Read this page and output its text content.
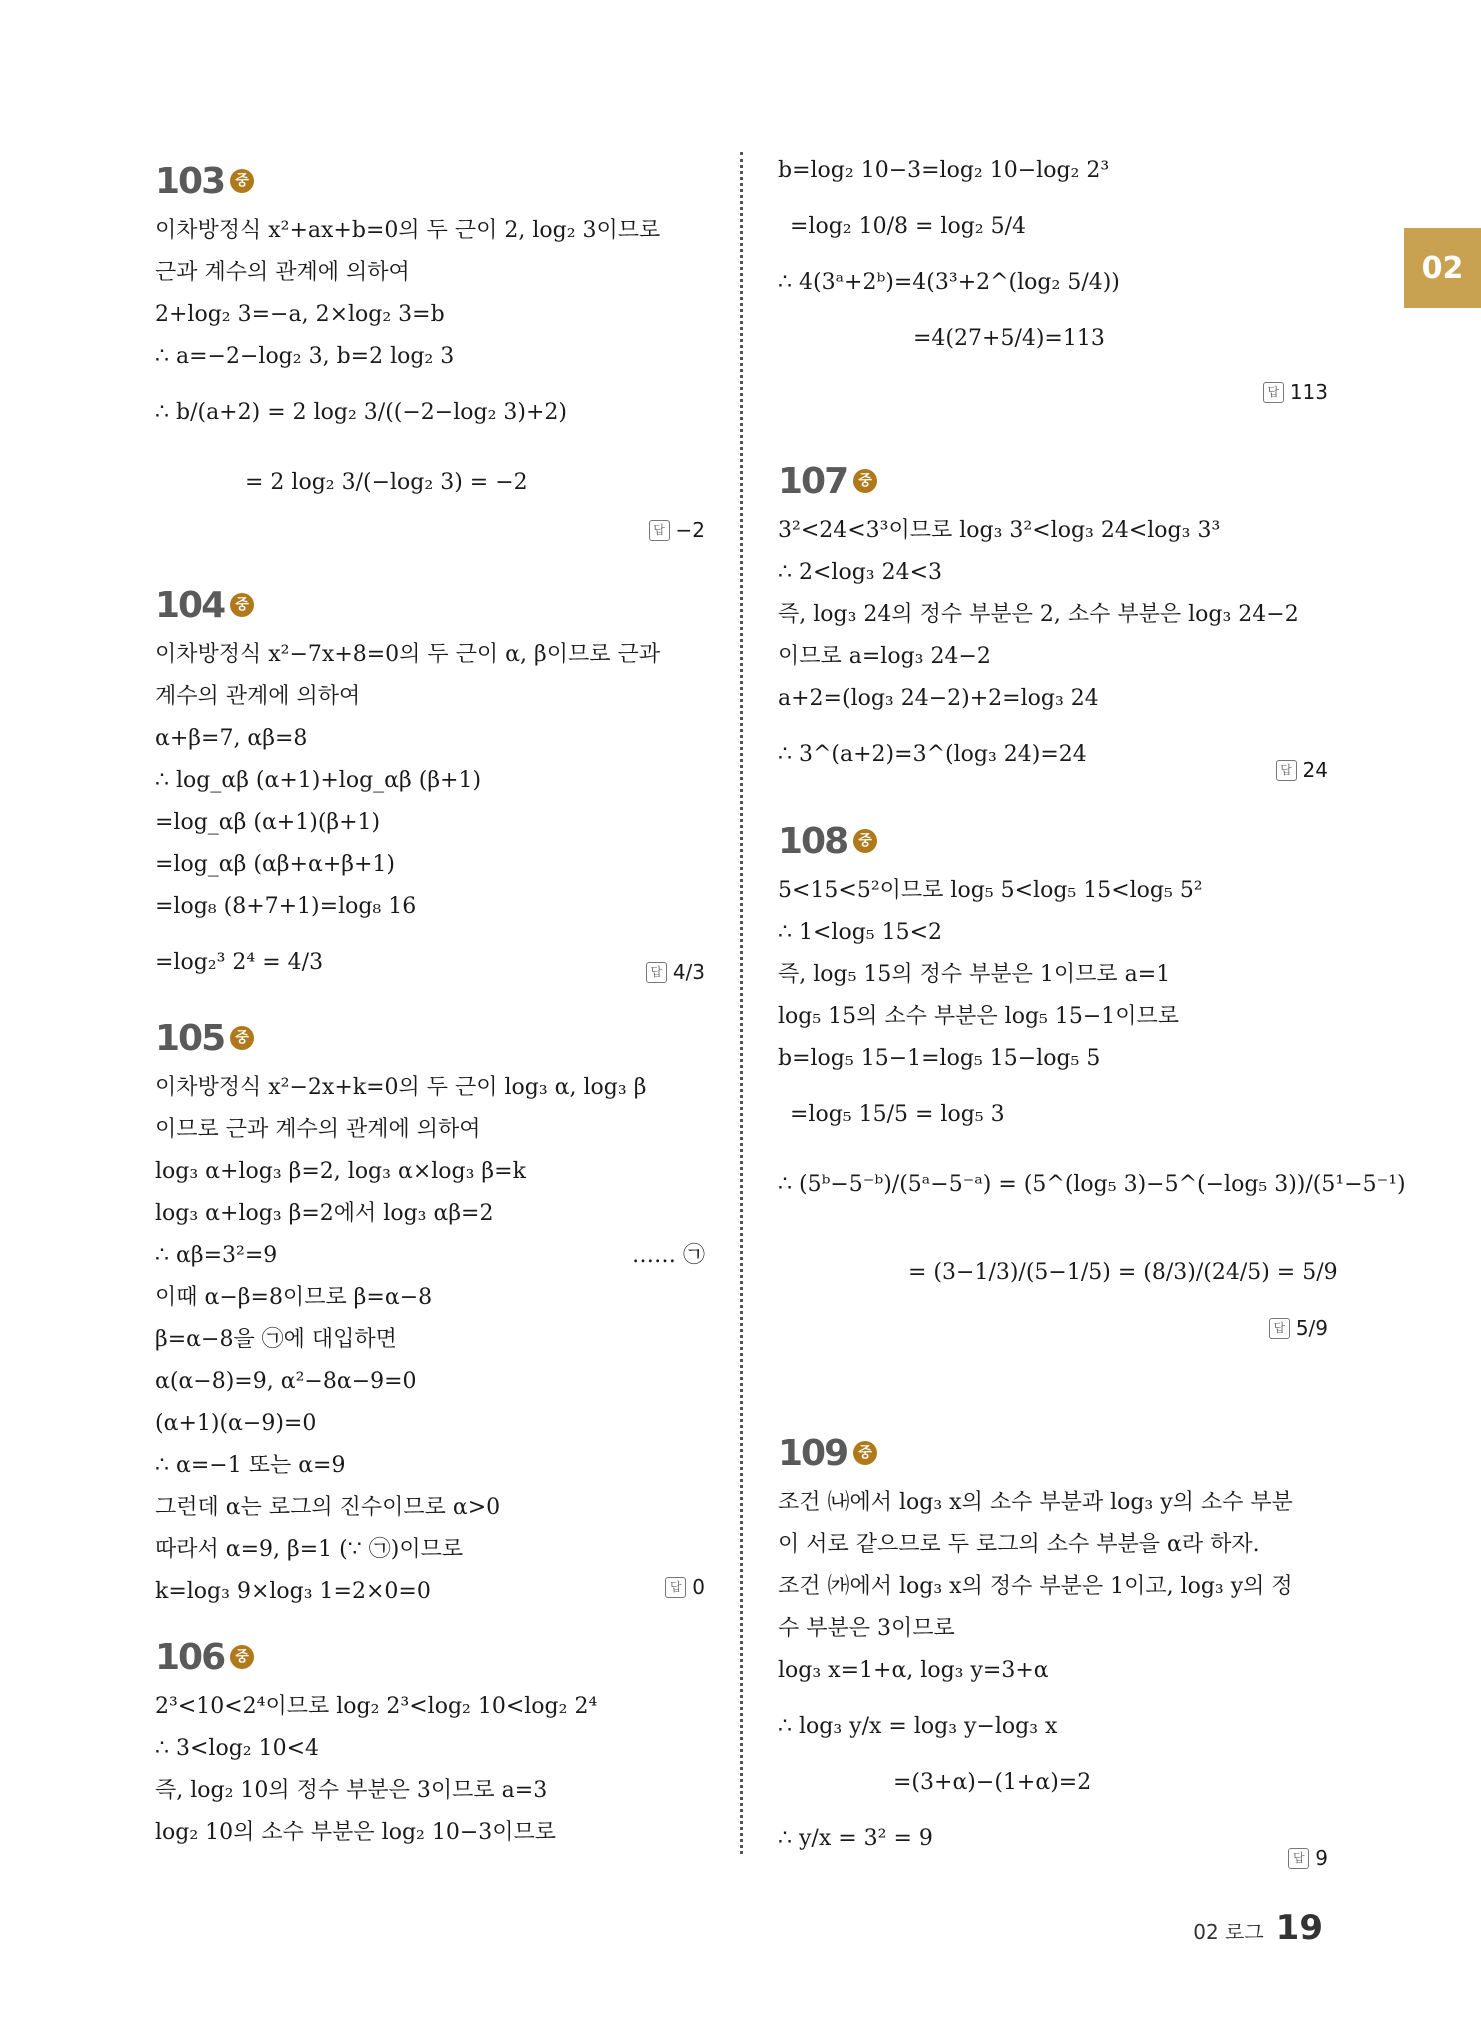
02
103 중
이차방정식 x²+ax+b=0의 두 근이 2, log₂ 3이므로
근과 계수의 관계에 의하여
2+log₂ 3=−a, 2×log₂ 3=b
∴ a=−2−log₂ 3, b=2 log₂ 3
∴ b/(a+2) = 2 log₂ 3/((−2−log₂ 3)+2)
= 2 log₂ 3/(−log₂ 3) = −2
답 −2
104 중
이차방정식 x²−7x+8=0의 두 근이 α, β이므로 근과
계수의 관계에 의하여
α+β=7, αβ=8
∴ log_αβ (α+1)+log_αβ (β+1)
=log_αβ (α+1)(β+1)
=log_αβ (αβ+α+β+1)
=log₈ (8+7+1)=log₈ 16
=log₂³ 2⁴ = 4/3	답 4/3
105 중
이차방정식 x²−2x+k=0의 두 근이 log₃ α, log₃ β
이므로 근과 계수의 관계에 의하여
log₃ α+log₃ β=2, log₃ α×log₃ β=k
log₃ α+log₃ β=2에서 log₃ αβ=2
∴ αβ=3²=9	…… ㉠
이때 α−β=8이므로 β=α−8
β=α−8을 ㉠에 대입하면
α(α−8)=9, α²−8α−9=0
(α+1)(α−9)=0
∴ α=−1 또는 α=9
그런데 α는 로그의 진수이므로 α>0
따라서 α=9, β=1 (∵ ㉠)이므로
k=log₃ 9×log₃ 1=2×0=0	답 0
106 중
2³<10<2⁴이므로 log₂ 2³<log₂ 10<log₂ 2⁴
∴ 3<log₂ 10<4
즉, log₂ 10의 정수 부분은 3이므로 a=3
log₂ 10의 소수 부분은 log₂ 10−3이므로
b=log₂ 10−3=log₂ 10−log₂ 2³
=log₂ 10/8 = log₂ 5/4
∴ 4(3ᵃ+2ᵇ)=4(3³+2^(log₂ 5/4))
=4(27+5/4)=113
답 113
107 중
3²<24<3³이므로 log₃ 3²<log₃ 24<log₃ 3³
∴ 2<log₃ 24<3
즉, log₃ 24의 정수 부분은 2, 소수 부분은 log₃ 24−2
이므로 a=log₃ 24−2
a+2=(log₃ 24−2)+2=log₃ 24
∴ 3^(a+2)=3^(log₃ 24)=24
답 24
108 중
5<15<5²이므로 log₅ 5<log₅ 15<log₅ 5²
∴ 1<log₅ 15<2
즉, log₅ 15의 정수 부분은 1이므로 a=1
log₅ 15의 소수 부분은 log₅ 15−1이므로
b=log₅ 15−1=log₅ 15−log₅ 5
=log₅ 15/5 = log₅ 3
∴ (5ᵇ−5⁻ᵇ)/(5ᵃ−5⁻ᵃ) = (5^(log₅ 3)−5^(−log₅ 3))/(5¹−5⁻¹)
= (3−1/3)/(5−1/5) = (8/3)/(24/5) = 5/9
답 5/9
109 중
조건 ㈏에서 log₃ x의 소수 부분과 log₃ y의 소수 부분
이 서로 같으므로 두 로그의 소수 부분을 α라 하자.
조건 ㈎에서 log₃ x의 정수 부분은 1이고, log₃ y의 정
수 부분은 3이므로
log₃ x=1+α, log₃ y=3+α
∴ log₃ y/x = log₃ y−log₃ x
=(3+α)−(1+α)=2
∴ y/x = 3² = 9
답 9
02 로그 19
